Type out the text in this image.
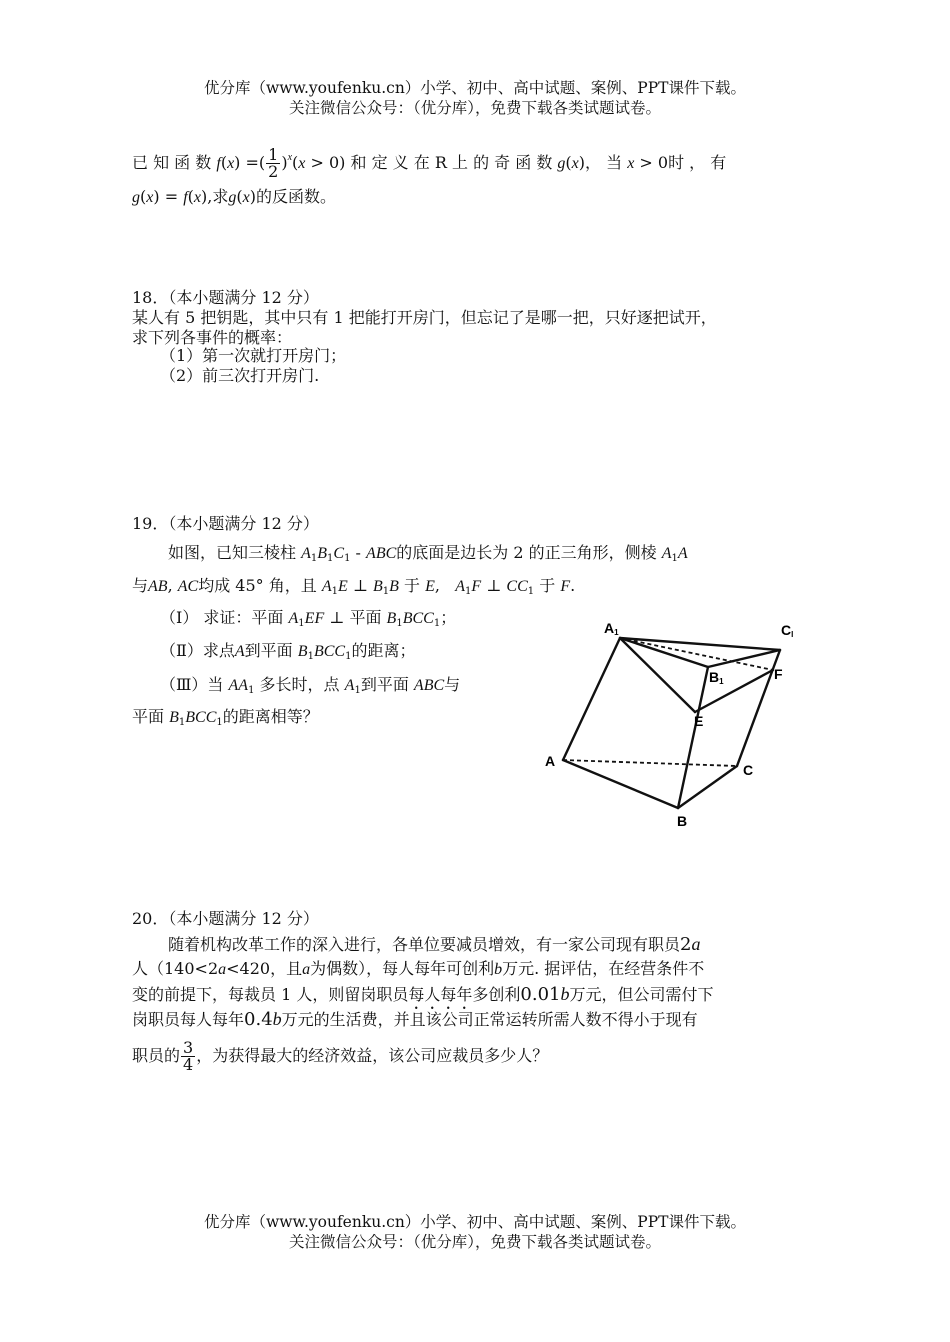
优分库（www.youfenku.cn）小学、初中、高中试题、案例、PPT课件下载。
关注微信公众号：（优分库），免费下载各类试题试卷。
已 知 函 数 f(x) =( $\frac{1}{2} )^x(x > 0)$ 和 定 义 在 R 上 的 奇 函 数 g(x)， 当 x > 0时 ， 有
g(x) = f(x),求g(x)的反函数。
18．（本小题满分 12 分）
某人有 5 把钥匙，其中只有 1 把能打开房门，但忘记了是哪一把，只好逐把试开，
求下列各事件的概率：
（1）第一次就打开房门；
（2）前三次打开房门.
19．（本小题满分 12 分）
如图，已知三棱柱 $A_1B_1C_1$ - ABC的底面是边长为 2 的正三角形，侧棱 $A_1A$
与AB, AC均成 45° 角，且 $A_1E$ ⊥ $B_1B$ 于 E,   $A_1F$ ⊥ $CC_1$ 于 F.
（I） 求证：平面 $A_1EF$ ⊥ 平面 $B_1BCC_1$；
（Ⅱ）求点A到平面 $B_1BCC_1$的距离；
（Ⅲ）当 $AA_1$ 多长时，点 $A_1$到平面 ABC与
平面 $B_1BCC_1$的距离相等？
A1	CI
B1	F
E
A
C
B
20．（本小题满分 12 分）
随着机构改革工作的深入进行，各单位要减员增效，有一家公司现有职员2a
人（140<2a<420，且a为偶数），每人每年可创利b万元. 据评估，在经营条件不
变的前提下，每裁员 1 人，则留岗职员每人每年多创利0.01b万元，但公司需付下
岗职员每人每年0.4b万元的生活费，并且该公司正常运转所需人数不得小于现有
职员的 $\frac{3}{4}$ ，为获得最大的经济效益，该公司应裁员多少人？
优分库（www.youfenku.cn）小学、初中、高中试题、案例、PPT课件下载。
关注微信公众号：（优分库），免费下载各类试题试卷。
